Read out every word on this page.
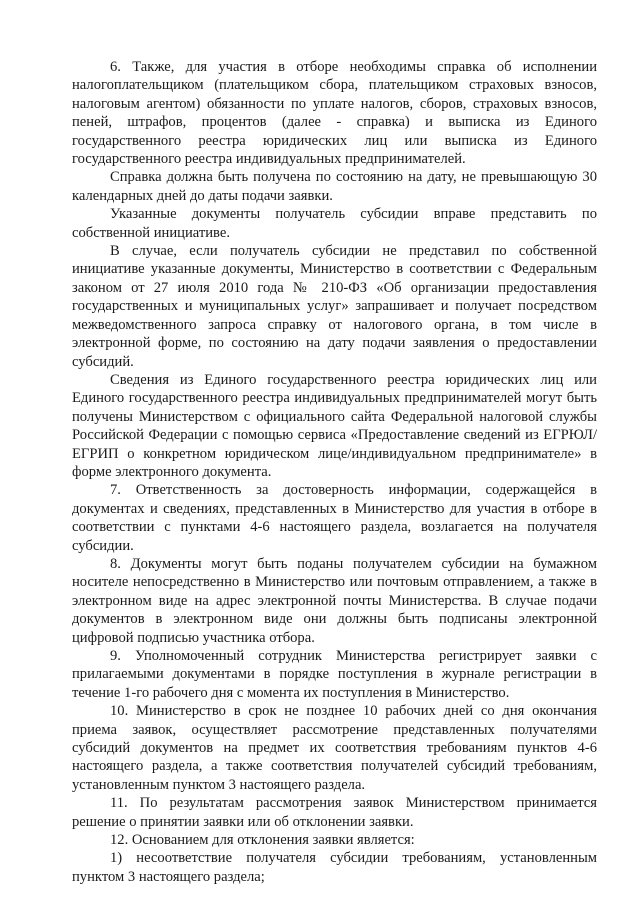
6. Также, для участия в отборе необходимы справка об исполнении налогоплательщиком (плательщиком сбора, плательщиком страховых взносов, налоговым агентом) обязанности по уплате налогов, сборов, страховых взносов, пеней, штрафов, процентов (далее - справка) и выписка из Единого государственного реестра юридических лиц или выписка из Единого государственного реестра индивидуальных предпринимателей.

Справка должна быть получена по состоянию на дату, не превышающую 30 календарных дней до даты подачи заявки.

Указанные документы получатель субсидии вправе представить по собственной инициативе.

В случае, если получатель субсидии не представил по собственной инициативе указанные документы, Министерство в соответствии с Федеральным законом от 27 июля 2010 года № 210-ФЗ «Об организации предоставления государственных и муниципальных услуг» запрашивает и получает посредством межведомственного запроса справку от налогового органа, в том числе в электронной форме, по состоянию на дату подачи заявления о предоставлении субсидий.

Сведения из Единого государственного реестра юридических лиц или Единого государственного реестра индивидуальных предпринимателей могут быть получены Министерством с официального сайта Федеральной налоговой службы Российской Федерации с помощью сервиса «Предоставление сведений из ЕГРЮЛ/ЕГРИП о конкретном юридическом лице/индивидуальном предпринимателе» в форме электронного документа.

7. Ответственность за достоверность информации, содержащейся в документах и сведениях, представленных в Министерство для участия в отборе в соответствии с пунктами 4-6 настоящего раздела, возлагается на получателя субсидии.

8. Документы могут быть поданы получателем субсидии на бумажном носителе непосредственно в Министерство или почтовым отправлением, а также в электронном виде на адрес электронной почты Министерства. В случае подачи документов в электронном виде они должны быть подписаны электронной цифровой подписью участника отбора.

9. Уполномоченный сотрудник Министерства регистрирует заявки с прилагаемыми документами в порядке поступления в журнале регистрации в течение 1-го рабочего дня с момента их поступления в Министерство.

10. Министерство в срок не позднее 10 рабочих дней со дня окончания приема заявок, осуществляет рассмотрение представленных получателями субсидий документов на предмет их соответствия требованиям пунктов 4-6 настоящего раздела, а также соответствия получателей субсидий требованиям, установленным пунктом 3 настоящего раздела.

11. По результатам рассмотрения заявок Министерством принимается решение о принятии заявки или об отклонении заявки.

12. Основанием для отклонения заявки является:

1) несоответствие получателя субсидии требованиям, установленным пунктом 3 настоящего раздела;
